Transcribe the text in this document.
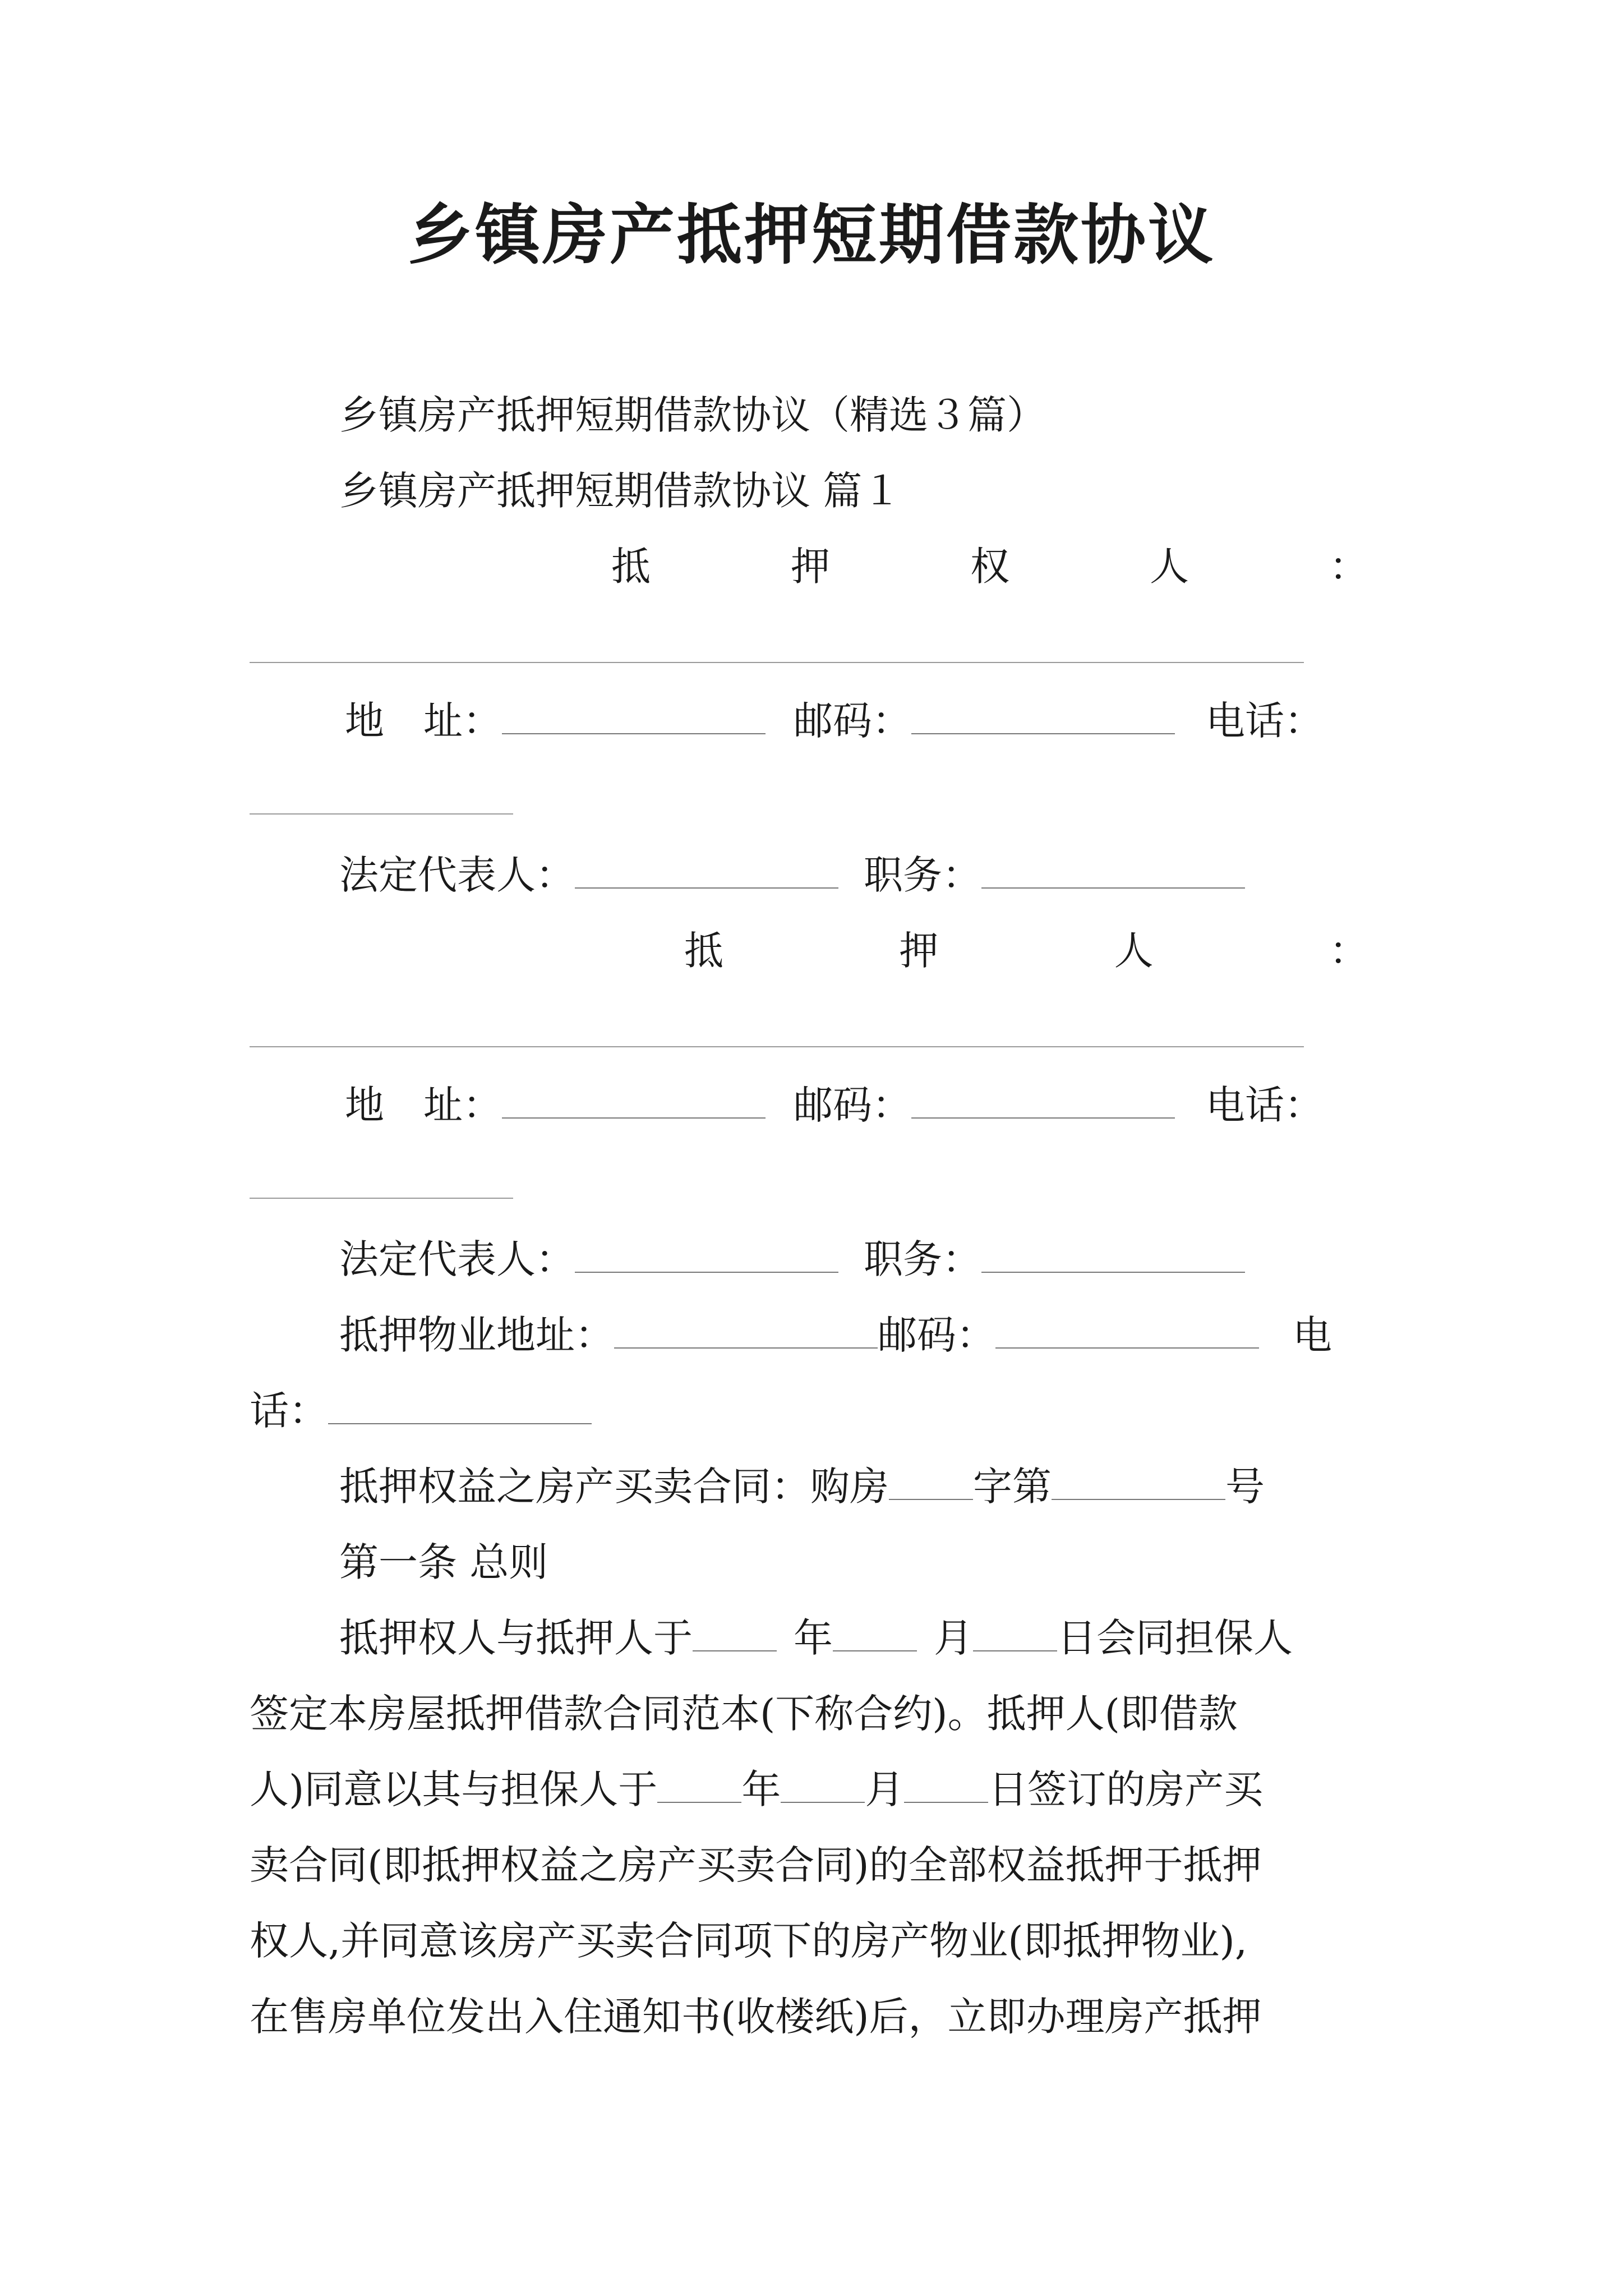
乡镇房产抵押短期借款协议

乡镇房产抵押短期借款协议（精选３篇）

乡镇房产抵押短期借款协议 篇１

抵	押	权	人	：
地　址：	邮码：	电话：
法定代表人：	职务：
抵	押	人	：
地　址：	邮码：	电话：
法定代表人：	职务：
抵押物业地址：	邮码：	电
话：
抵押权益之房产买卖合同：购房 字第	号

第一条 总则

抵押权人与抵押人于	年	月 日会同担保人

签定本房屋抵押借款合同范本(下称合约)。抵押人(即借款

人)同意以其与担保人于 年 月 日签订的房产买

卖合同(即抵押权益之房产买卖合同)的全部权益抵押于抵押

权人,并同意该房产买卖合同项下的房产物业(即抵押物业),

在售房单位发出入住通知书(收楼纸)后，立即办理房产抵押
